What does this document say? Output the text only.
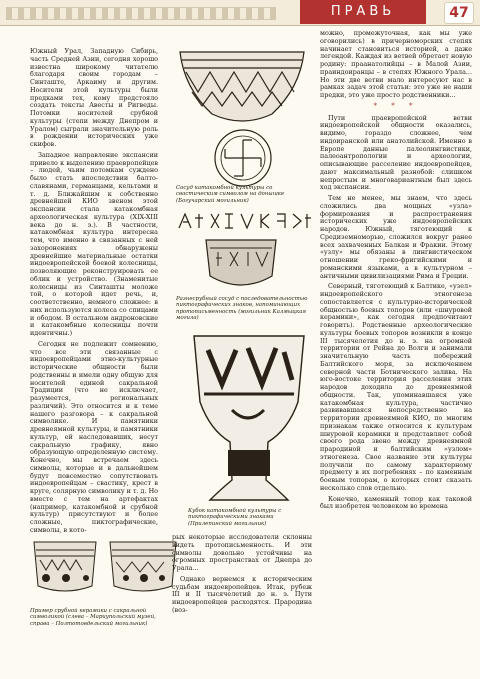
ПРАВЬ	47

Южный Урал, Западную Сибирь, часть Средней Азии, сегодня хорошо известна широкому читателю благодаря своим городам – Синташте, Аркаиму и другим. Носители этой культуры были предками тех, кому предстояло создать тексты Авесты и Ригведы. Потомки носителей срубной культуры (степи между Днепром и Уралом) сыграли значительную роль в рождении исторических уже скифов.

Западное направление экспансии привело к выделению праевропейцев – людей, чьим потомкам суждено было стать впоследствии балто-славянами, германцами, кельтами и т. д. Ближайшим к собственно древнейшей КИО звеном этой экспансии стала катакомбная археологическая культура (XIX-XIII века до н. э.). В частности, катакомбная культура интересна тем, что именно в связанных с ней захоронениях обнаружены древнейшие материальные остатки индоевропейской боевой колесницы, позволяющие реконструировать ее облик и устройство. (Знаменитые колесницы из Синташты моложе той, о которой идет речь, и, соответственно, немного сложнее: в них используются колеса со спицами и ободом. В остальном андроновские и катакомбные колесницы почти идентичны.)

Сегодня не подлежит сомнению, что все эти связанные с индоевропейцами этно-культурные исторические общности были родственны и имели одну общую для носителей единой сакральной Традиции (что не исключает, разумеется, региональных различий). Это относится и к теме нашего разговора – к сакральной символике. И памятники древнеямной культуры, и памятники культур, ей наследовавших, несут сакральную графику, явно образующую определенную систему. Конечно, мы встречаем здесь символы, которые и в дальнейшем будут повсеместно сопутствовать индоевропейцам – свастику, крест в круге, солярную символику и т. д. Но вместе с тем на артефактах (например, катакомбной и срубной культур) присутствуют и более сложные, пиктографические, символы, в кото-

Пример срубной керамики с сакральной символикой (слева – Мариупольский музей, справа – Полтотовдельский могильник)
Сосуд катакомбной культуры со свастическим символом на донышке (Богучарский могильник)
Разнесрубный сосуд с последовательностью пиктографических знаков, напоминающих протописьменность (могильник Калмыцкая могила)
Кубок катакомбной культуры с пиктографическими знаками (Прилепинский могильник)

рых некоторые исследователи склонны видеть протописьменность. И эти символы довольно устойчивы на огромных пространствах от Днепра до Урала...

Однако вернемся к историческим судьбам индоевропейцев. Итак, рубеж III и II тысячелетий до н. э. Пути индоевропейцев расходятся. Прародина (воз-

можно, промежуточная, как мы уже оговорились) в причерноморских степях начинает становиться историей, а даже легендой. Каждая из ветвей обретает новую родину: праанатолийцы – в Малой Азии, праиндоиранцы – в степях Южного Урала... Но эти две ветви мало интересуют нас в рамках задач этой статьи: это уже не наши предки, это уже просто родственники...

* * *

Пути праевропейской ветви индоевропейской общности оказались, видимо, гораздо сложнее, чем индоиранской или анатолийской. Именно в Европе данные палеолингвистики, палеоантропологии и археологии, описывающие расселение индоевропейцев, дают максимальный разнобой: слишком непростым и многовариантным был здесь ход экспансии.

Тем не менее, мы знаем, что здесь сложились два мощных «узла» формирования и распространения исторических уже индоевропейских народов. Южный, тяготеющий к Средиземноморью, сложился вокруг ранее всех захваченных Балкан и Фракии. Этому «узлу» мы обязаны в лингвистическом отношении греко-фригийскими и романскими языками, а в культурном – античными цивилизациями Рима и Греции.

Северный, тяготеющий к Балтике, «узел» индоевропейского этногенеза сопоставляется с культурно-исторической общностью боевых топоров (или «шнуровой керамики», как сегодня предпочитают говорить). Родственные археологические культуры боевых топоров возникли в конце III тысячелетия до н. э. на огромной территории от Рейна до Волги и занимали значительную часть побережий Балтийского моря, за исключением северной части Ботнического залива. На юго-востоке территория расселения этих народов доходила до древнеямной общности. Так, упоминавшаяся уже катакомбная культура, частично развивавшаяся непосредственно на территории древнеямной КИО, по многим признакам также относится к культурам шнуровой керамики и представляет собой своего рода звено между древнеямной прародиной и балтийским «узлом» этногенеза. Свое название эти культуры получили по самому характерному предмету в их погребениях – по каменным боевым топорам, о которых стоит сказать несколько слов отдельно.

Конечно, каменный топор как таковой был изобретен человеком во времена
